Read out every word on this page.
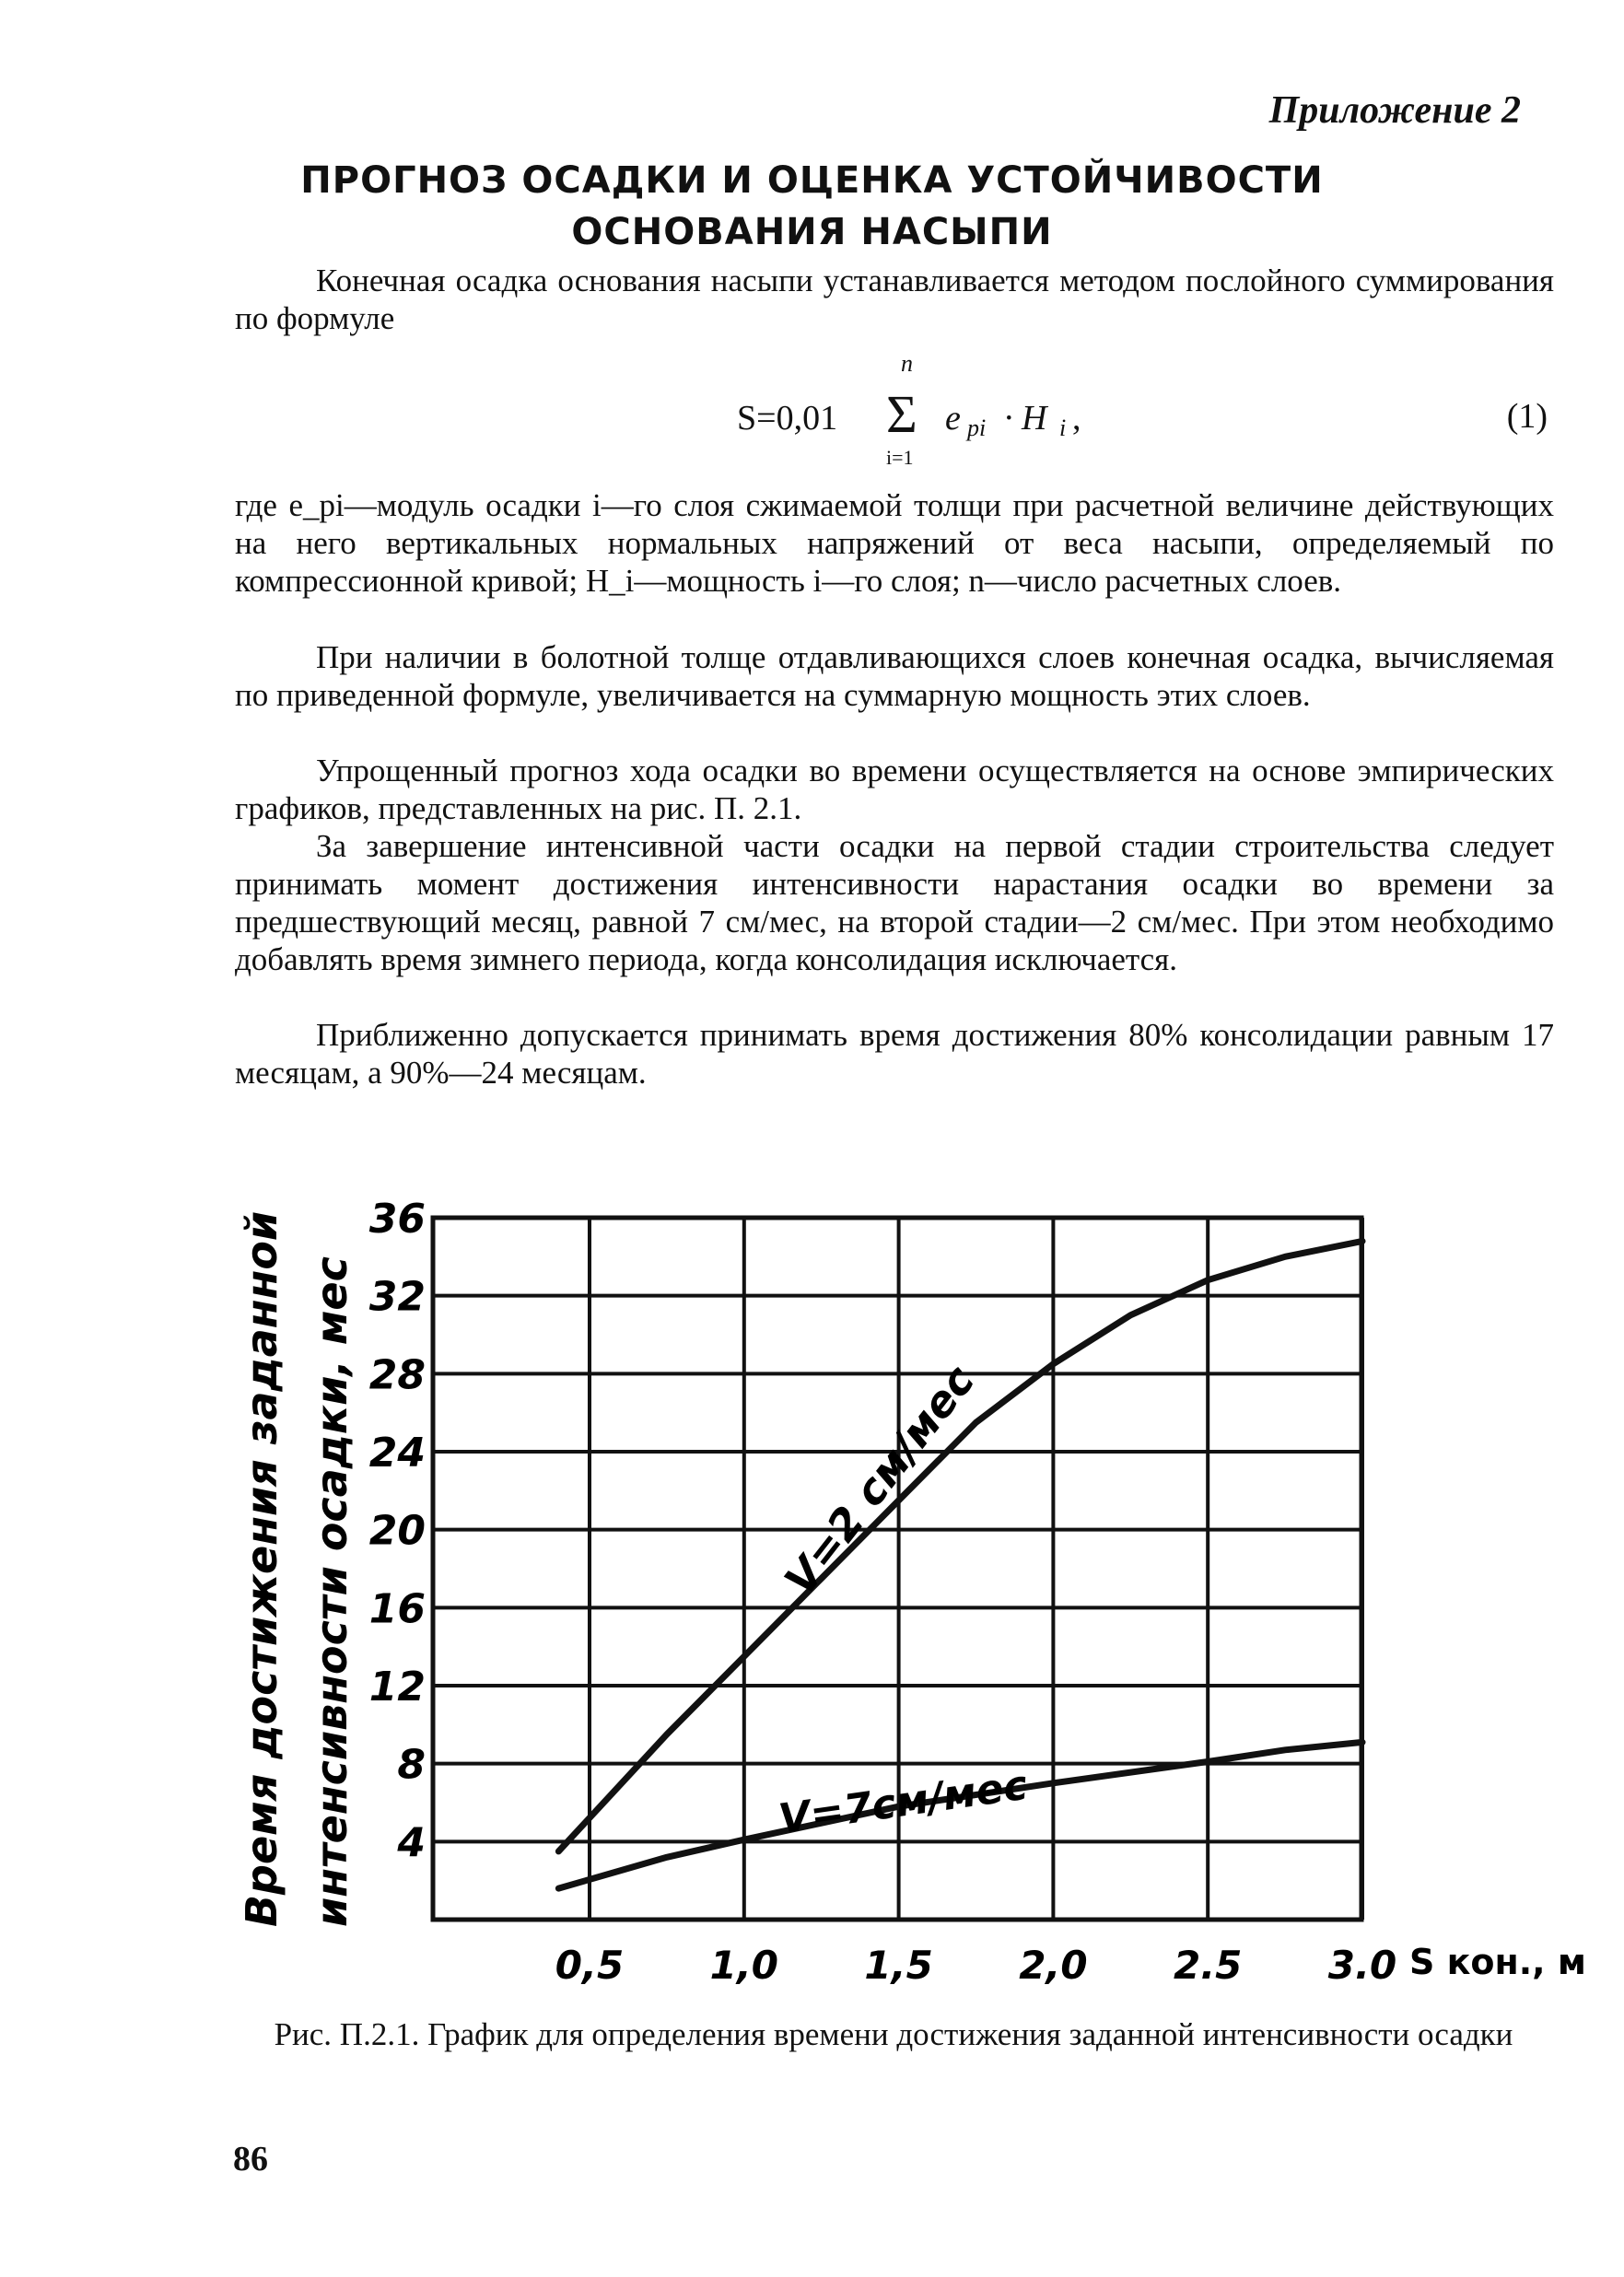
Приложение 2
ПРОГНОЗ ОСАДКИ И ОЦЕНКА УСТОЙЧИВОСТИ
ОСНОВАНИЯ НАСЫПИ
Конечная осадка основания насыпи устанавливается методом послойного суммирования по формуле
S=0,01
n
Σ
i=1
e pi · H i ,	(1)
где e_pi—модуль осадки i—го слоя сжимаемой толщи при расчетной величине действующих на него вертикальных нормальных напряжений от веса насыпи, определяемый по компрессионной кривой; H_i—мощность i—го слоя; n—число расчетных слоев.
При наличии в болотной толще отдавливающихся слоев конечная осадка, вычисляемая по приведенной формуле, увеличивается на суммарную мощность этих слоев.
Упрощенный прогноз хода осадки во времени осуществляется на основе эмпирических графиков, представленных на рис. П. 2.1.
За завершение интенсивной части осадки на первой стадии строительства следует принимать момент достижения интенсивности нарастания осадки во времени за предшествующий месяц, равной 7 см/мес, на второй стадии—2 см/мес. При этом необходимо добавлять время зимнего периода, когда консолидация исключается.
Приближенно допускается принимать время достижения 80% консолидации равным 17 месяцам, а 90%—24 месяцам.
4
8
12
16
20
24
28
32
36
0,5 1,0 1,5 2,0 2.5 3.0
Время достижения заданной интенсивности осадки, мес
S кон., м
V=2 см/мес
V=7см/мес
Рис. П.2.1. График для определения времени достижения заданной интенсивности осадки
86
